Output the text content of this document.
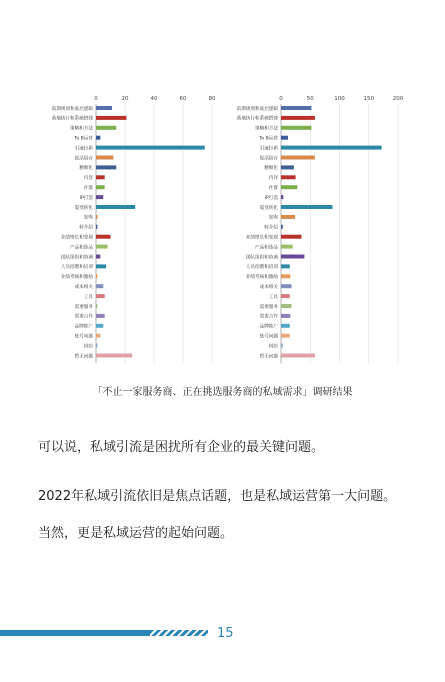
0	20	40	60	80
前期规划和底层逻辑
落地执行和系统搭建
策略和方法
To B运营
引流拉新
促活留存
精细化
内容
社群
IP打造
裂变转化
复购
转介绍
业绩增长和变现
产品和选品
团队组织和协调
人员招聘和培训
业绩考核和激励
成本相关
工具
需要服务
需要合作
品牌推广
账号问题
纠纷
暂无问题
0	50	100	150	200
前期规划和底层逻辑
落地执行和系统搭建
策略和方法
To B运营
引流拉新
促活留存
精细化
内容
社群
IP打造
裂变转化
复购
转介绍
业绩增长和变现
产品和选品
团队组织和协调
人员招聘和培训
业绩考核和激励
成本相关
工具
需要服务
需要合作
品牌推广
账号问题
纠纷
暂无问题
「不止一家服务商、正在挑选服务商的私域需求」调研结果
可以说，私域引流是困扰所有企业的最关键问题。
2022年私域引流依旧是焦点话题，也是私域运营第一大问题。
当然，更是私域运营的起始问题。
15
